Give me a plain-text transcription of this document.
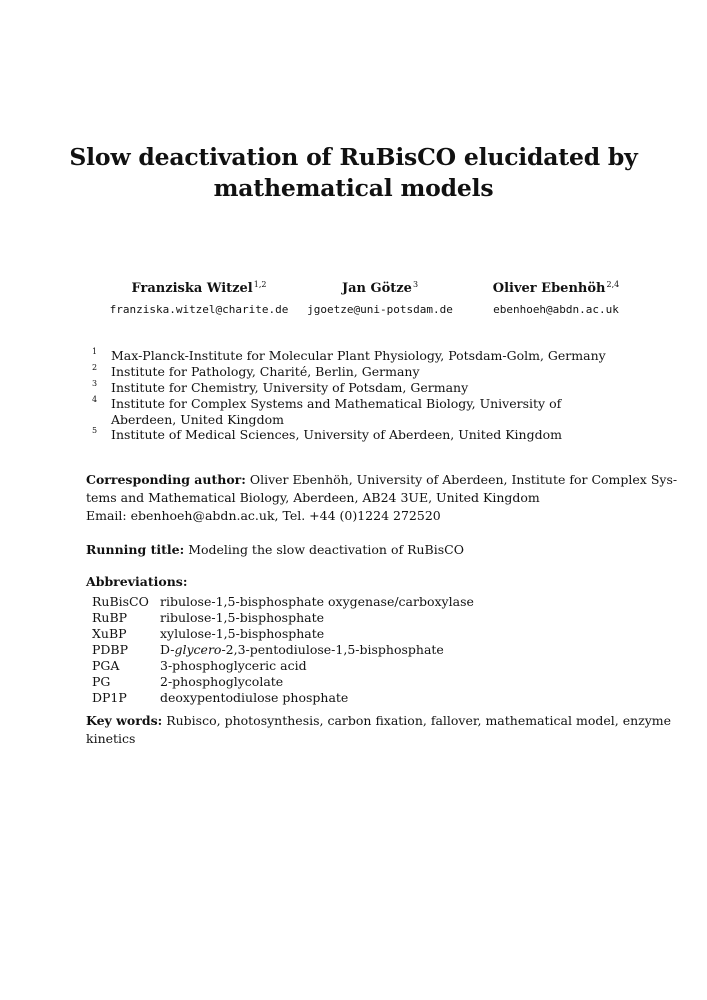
Slow deactivation of RuBisCO elucidated by
mathematical models
Franziska Witzel$^{1,2}$
franziska.witzel@charite.de
Jan Götze$^3$
jgoetze@uni-potsdam.de
Oliver Ebenhöh$^{2,4}$
ebenhoeh@abdn.ac.uk
1 Max-Planck-Institute for Molecular Plant Physiology, Potsdam-Golm, Germany
2 Institute for Pathology, Charité, Berlin, Germany
3 Institute for Chemistry, University of Potsdam, Germany
4 Institute for Complex Systems and Mathematical Biology, University of Aberdeen, United Kingdom
5 Institute of Medical Sciences, University of Aberdeen, United Kingdom
Corresponding author: Oliver Ebenhöh, University of Aberdeen, Institute for Complex Sys-
tems and Mathematical Biology, Aberdeen, AB24 3UE, United Kingdom
Email: ebenhoeh@abdn.ac.uk, Tel. +44 (0)1224 272520
Running title: Modeling the slow deactivation of RuBisCO
Abbreviations:
RuBisCO ribulose-1,5-bisphosphate oxygenase/carboxylase
RuBP	ribulose-1,5-bisphosphate
XuBP	xylulose-1,5-bisphosphate
PDBP	D-glycero-2,3-pentodiulose-1,5-bisphosphate
PGA	3-phosphoglyceric acid
PG	2-phosphoglycolate
DP1P	deoxypentodiulose phosphate
Key words: Rubisco, photosynthesis, carbon fixation, fallover, mathematical model, enzyme
kinetics
